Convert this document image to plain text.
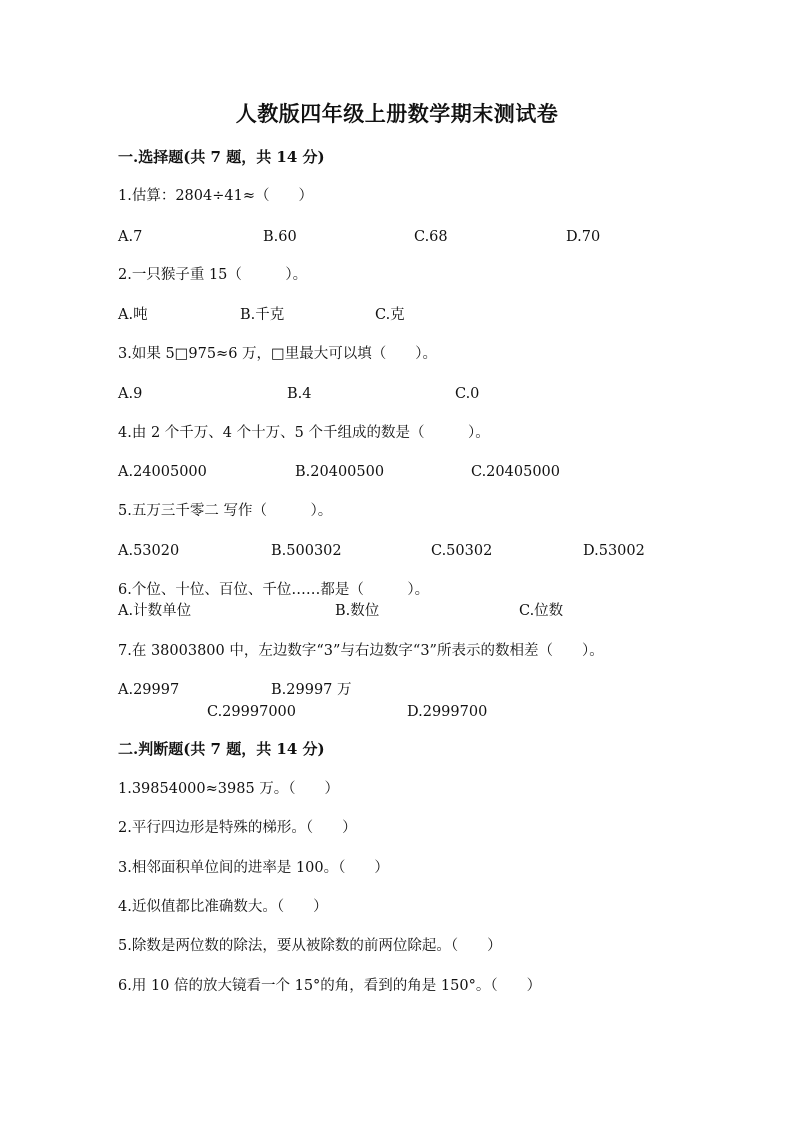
人教版四年级上册数学期末测试卷
一.选择题(共 7 题，共 14 分)
1.估算：2804÷41≈（　　）
A.7	B.60	C.68	D.70
2.一只猴子重 15（　　　）。
A.吨	B.千克	C.克
3.如果 5□975≈6 万，□里最大可以填（　　）。
A.9	B.4	C.0
4.由 2 个千万、4 个十万、5 个千组成的数是（　　　）。
A.24005000	B.20400500	C.20405000
5.五万三千零二 写作（　　　）。
A.53020	B.500302	C.50302	D.53002
6.个位、十位、百位、千位……都是（　　　）。
A.计数单位	B.数位	C.位数
7.在 38003800 中，左边数字“3”与右边数字“3”所表示的数相差（　　）。
A.29997	B.29997 万
C.29997000	D.2999700
二.判断题(共 7 题，共 14 分)
1.39854000≈3985 万。（　　）
2.平行四边形是特殊的梯形。（　　）
3.相邻面积单位间的进率是 100。（　　）
4.近似值都比准确数大。（　　）
5.除数是两位数的除法，要从被除数的前两位除起。（　　）
6.用 10 倍的放大镜看一个 15°的角，看到的角是 150°。（　　）
